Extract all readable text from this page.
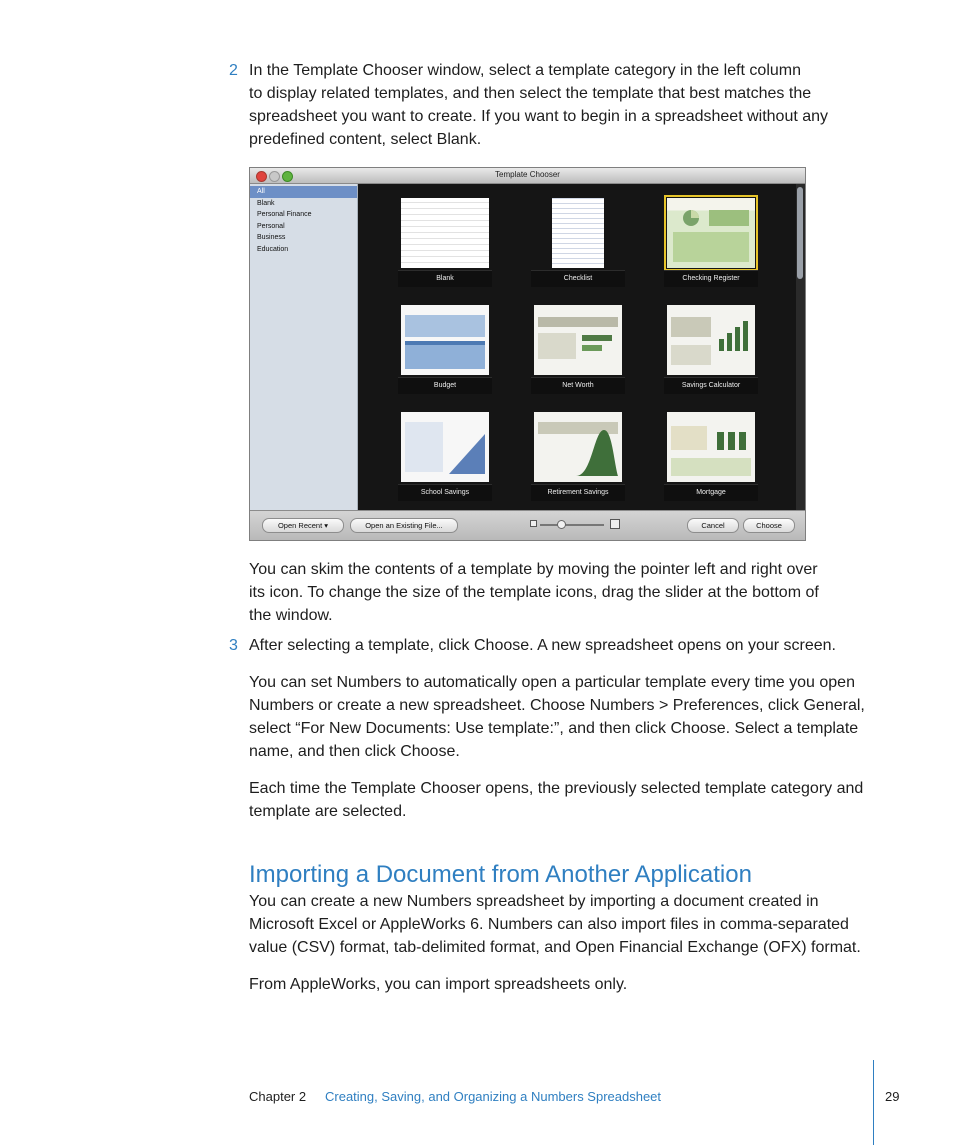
2 In the Template Chooser window, select a template category in the left column
to display related templates, and then select the template that best matches the
spreadsheet you want to create. If you want to begin in a spreadsheet without any
predefined content, select Blank.

Template Chooser
All
Blank
Personal Finance
Personal
Business
Education
Blank	Checklist	Checking Register
Budget	Net Worth	Savings Calculator
School Savings	Retirement Savings	Mortgage
Open Recent ▾	Open an Existing File...	Cancel	Choose

You can skim the contents of a template by moving the pointer left and right over
its icon. To change the size of the template icons, drag the slider at the bottom of
the window.

3 After selecting a template, click Choose. A new spreadsheet opens on your screen.

You can set Numbers to automatically open a particular template every time you open
Numbers or create a new spreadsheet. Choose Numbers > Preferences, click General,
select “For New Documents: Use template:”, and then click Choose. Select a template
name, and then click Choose.

Each time the Template Chooser opens, the previously selected template category and
template are selected.

Importing a Document from Another Application

You can create a new Numbers spreadsheet by importing a document created in
Microsoft Excel or AppleWorks 6. Numbers can also import files in comma-separated
value (CSV) format, tab-delimited format, and Open Financial Exchange (OFX) format.

From AppleWorks, you can import spreadsheets only.

Chapter 2 Creating, Saving, and Organizing a Numbers Spreadsheet	29
